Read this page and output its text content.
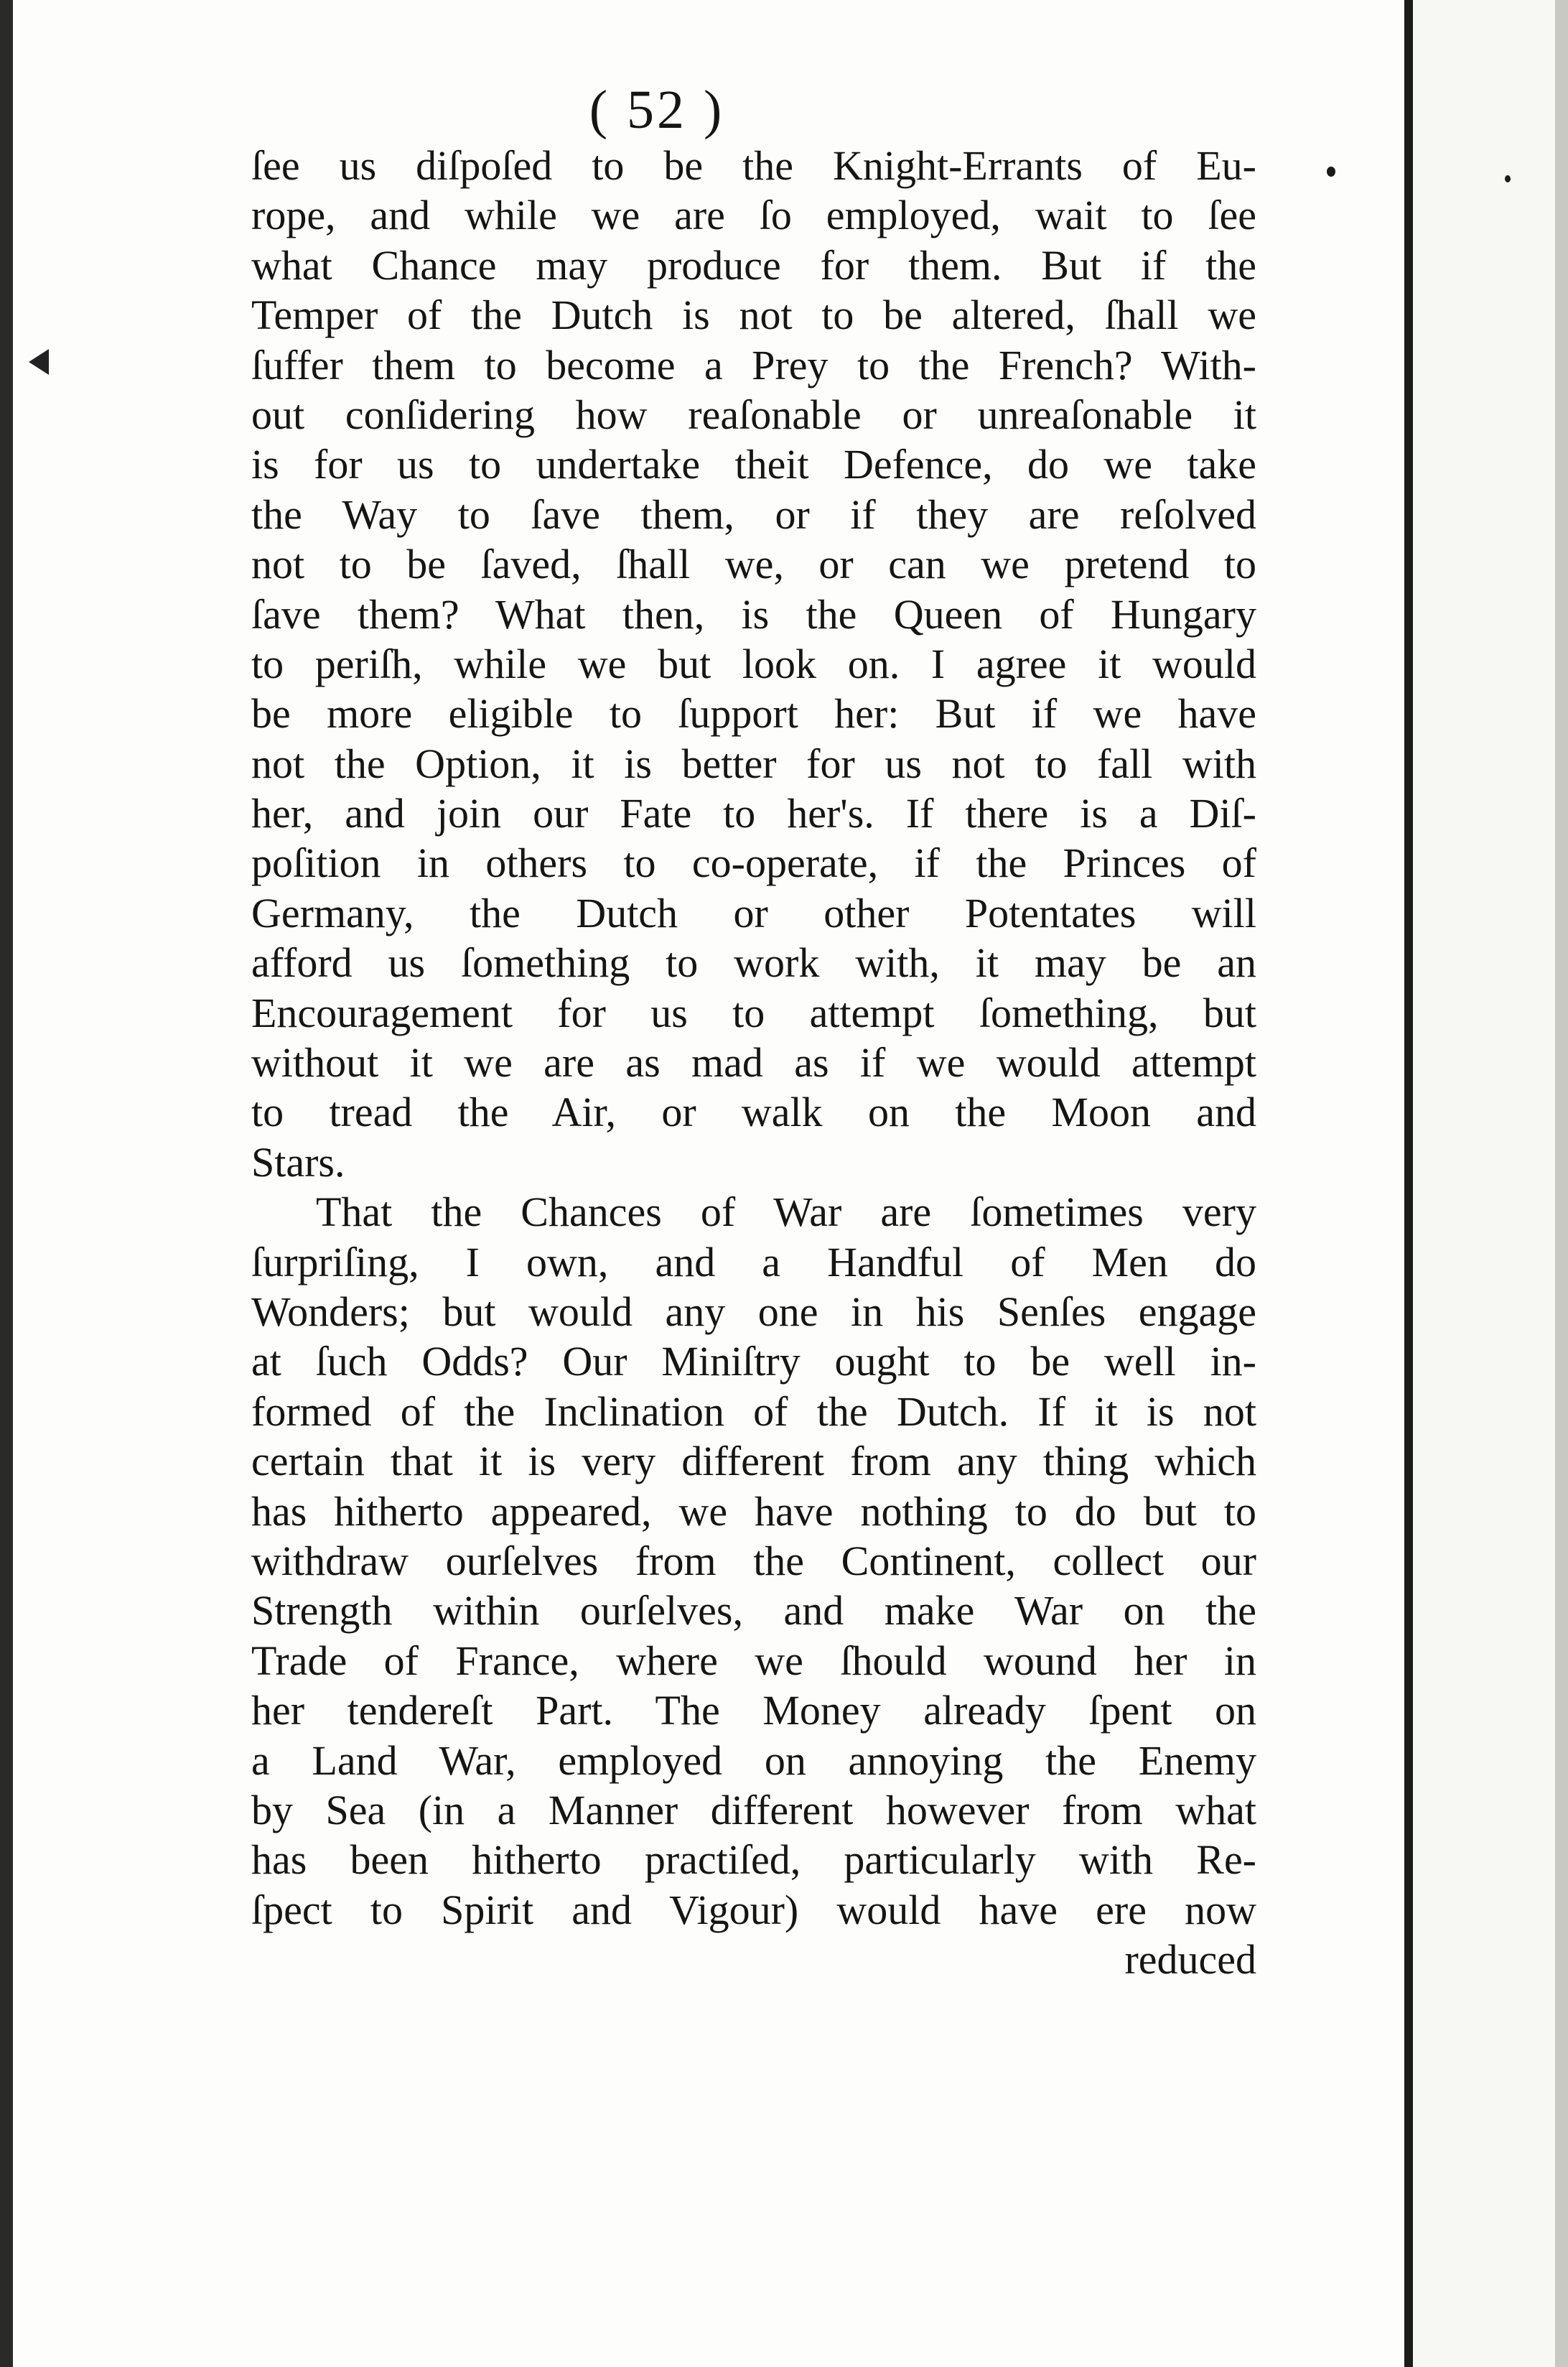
( 52 )
ſee us diſpoſed to be the Knight-Errants of Eu-
rope, and while we are ſo employed, wait to ſee
what Chance may produce for them. But if the
Temper of the Dutch is not to be altered, ſhall we
ſuffer them to become a Prey to the French? With-
out conſidering how reaſonable or unreaſonable it
is for us to undertake theit Defence, do we take
the Way to ſave them, or if they are reſolved
not to be ſaved, ſhall we, or can we pretend to
ſave them? What then, is the Queen of Hungary
to periſh, while we but look on. I agree it would
be more eligible to ſupport her: But if we have
not the Option, it is better for us not to fall with
her, and join our Fate to her's. If there is a Diſ-
poſition in others to co-operate, if the Princes of
Germany, the Dutch or other Potentates will
afford us ſomething to work with, it may be an
Encouragement for us to attempt ſomething, but
without it we are as mad as if we would attempt
to tread the Air, or walk on the Moon and
Stars.
That the Chances of War are ſometimes very
ſurpriſing, I own, and a Handful of Men do
Wonders; but would any one in his Senſes engage
at ſuch Odds? Our Miniſtry ought to be well in-
formed of the Inclination of the Dutch. If it is not
certain that it is very different from any thing which
has hitherto appeared, we have nothing to do but to
withdraw ourſelves from the Continent, collect our
Strength within ourſelves, and make War on the
Trade of France, where we ſhould wound her in
her tendereſt Part. The Money already ſpent on
a Land War, employed on annoying the Enemy
by Sea (in a Manner different however from what
has been hitherto practiſed, particularly with Re-
ſpect to Spirit and Vigour) would have ere now
reduced
